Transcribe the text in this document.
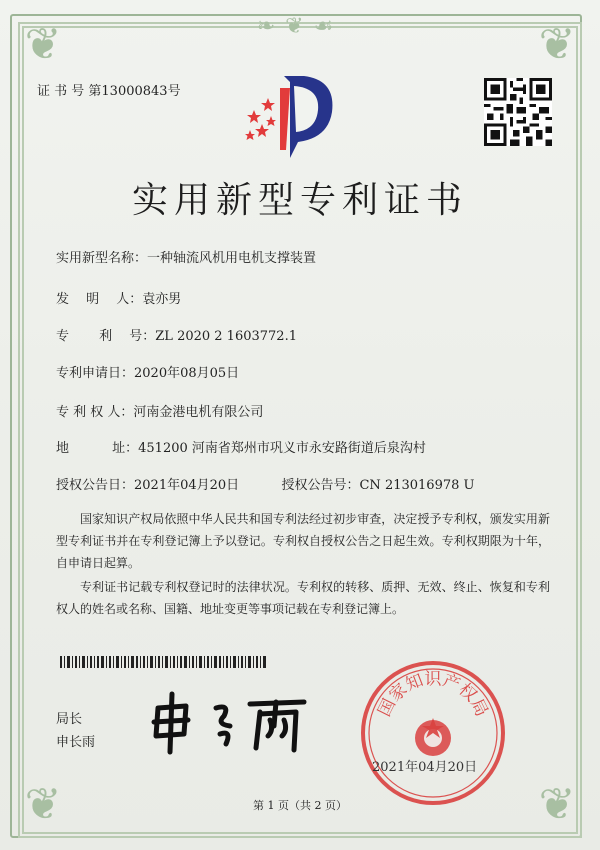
❦	❦
❦	❦
❧❦☙
证 书 号 第13000843号
实用新型专利证书
实用新型名称：一种轴流风机用电机支撑装置
发　 明　 人：袁亦男
专　　 利　 号：ZL 2020 2 1603772.1
专利申请日：2020年08月05日
专 利 权 人：河南金港电机有限公司
地　　　 址：451200 河南省郑州市巩义市永安路街道后泉沟村
授权公告日：2021年04月20日	授权公告号：CN 213016978 U
国家知识产权局依照中华人民共和国专利法经过初步审查，决定授予专利权，颁发实用新型专利证书并在专利登记簿上予以登记。专利权自授权公告之日起生效。专利权期限为十年，自申请日起算。
专利证书记载专利权登记时的法律状况。专利权的转移、质押、无效、终止、恢复和专利权人的姓名或名称、国籍、地址变更等事项记载在专利登记簿上。
局长
申长雨
国家知识产权局
2021年04月20日
第 1 页（共 2 页）
